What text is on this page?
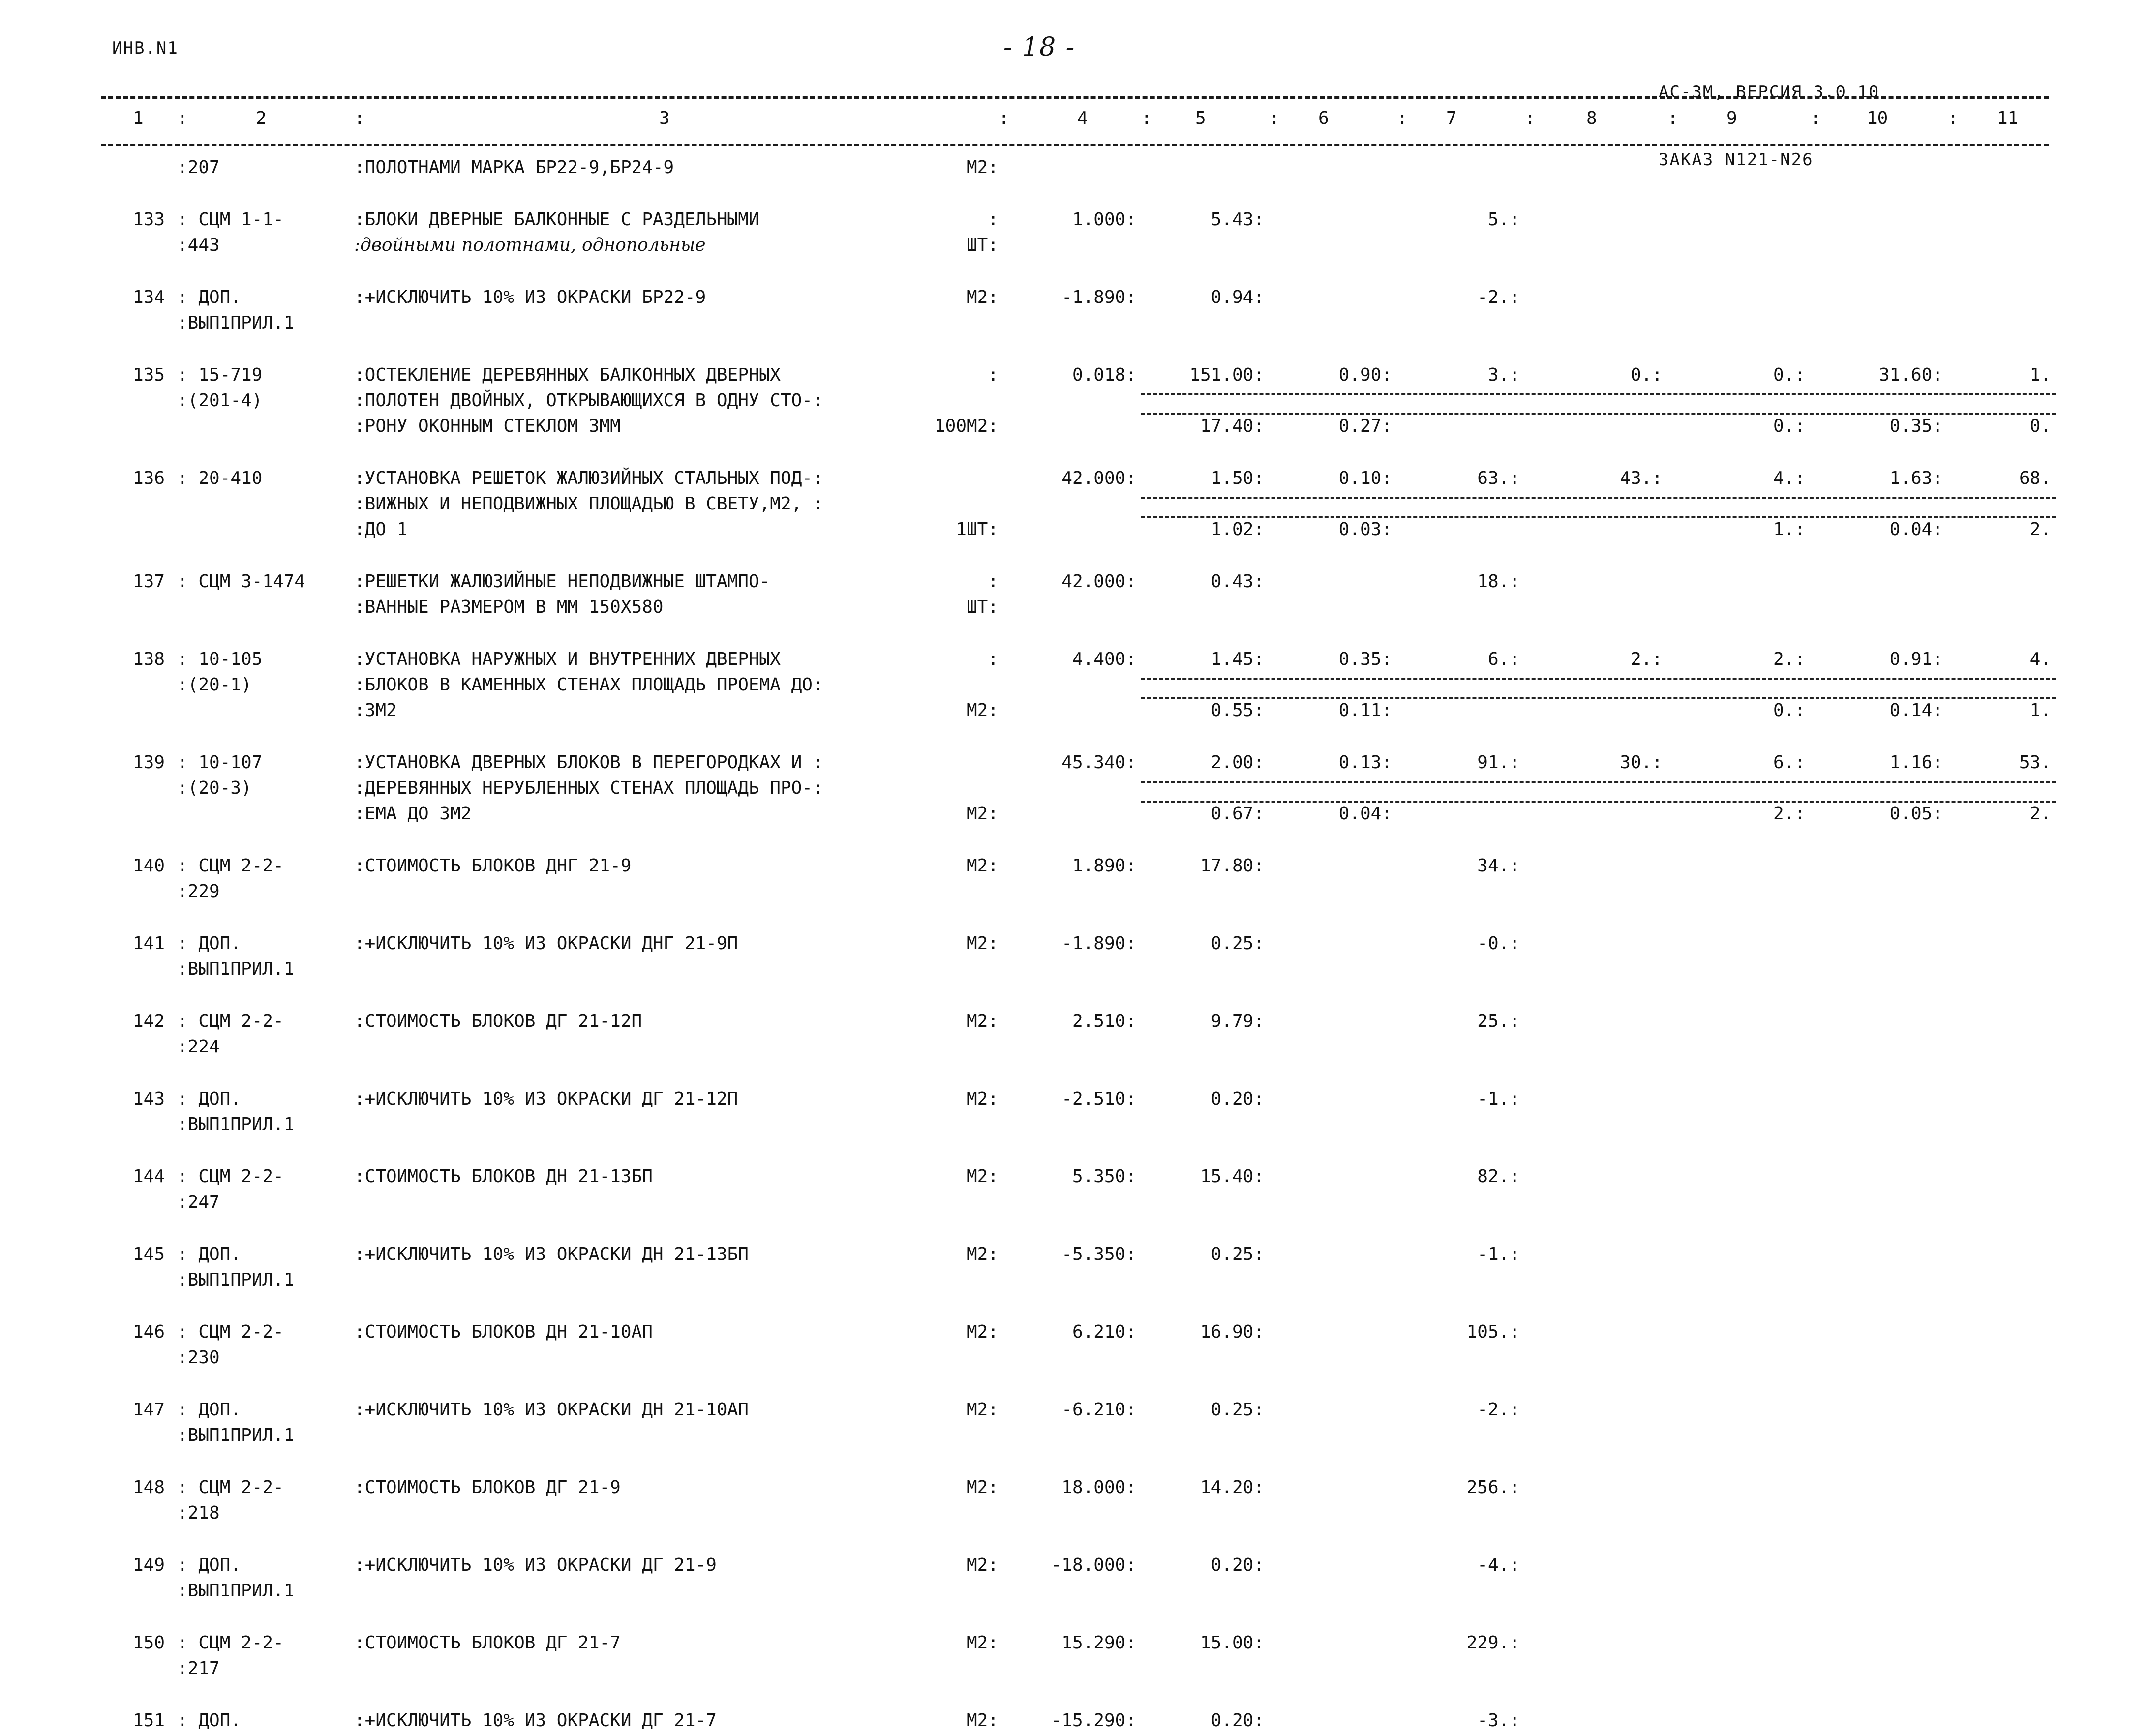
ИНВ.N1	- 18 -

АС-3М, ВЕРСИЯ 3.0 10

ЗАКАЗ N121-N26

1	2	3	4	5	6	7	8	9	10	11
:	:	:	:	:	:	:	:	:	:
:207	:ПОЛОТНАМИ МАРКА БР22-9,БР24-9	М2:
133 : СЦМ 1-1-	:БЛОКИ ДВЕРНЫЕ БАЛКОННЫЕ С РАЗДЕЛЬНЫМИ	:	1.000:	5.43:	5.:
:443	:двойными полотнами, однопольные	ШТ:
134 : ДОП.	:+ИСКЛЮЧИТЬ 10% ИЗ ОКРАСКИ БР22-9	М2:	-1.890:	0.94:	-2.:
:ВЫП1ПРИЛ.1
135 : 15-719	:ОСТЕКЛЕНИЕ ДЕРЕВЯННЫХ БАЛКОННЫХ ДВЕРНЫХ	:	0.018:	151.00:	0.90:	3.:	0.:	0.:	31.60:	1.
:(201-4)	:ПОЛОТЕН ДВОЙНЫХ, ОТКРЫВАЮЩИХСЯ В ОДНУ СТО-:
:РОНУ ОКОННЫМ СТЕКЛОМ 3ММ	100М2:	17.40:	0.27:	0.:	0.35:	0.
136 : 20-410	:УСТАНОВКА РЕШЕТОК ЖАЛЮЗИЙНЫХ СТАЛЬНЫХ ПОД-:	42.000:	1.50:	0.10:	63.:	43.:	4.:	1.63:	68.
:ВИЖНЫХ И НЕПОДВИЖНЫХ ПЛОЩАДЬЮ В СВЕТУ,М2, :
:ДО 1	1ШТ:	1.02:	0.03:	1.:	0.04:	2.
137 : СЦМ 3-1474	:РЕШЕТКИ ЖАЛЮЗИЙНЫЕ НЕПОДВИЖНЫЕ ШТАМПО-	:	42.000:	0.43:	18.:
:ВАННЫЕ РАЗМЕРОМ В ММ 150Х580	ШТ:
138 : 10-105	:УСТАНОВКА НАРУЖНЫХ И ВНУТРЕННИХ ДВЕРНЫХ	:	4.400:	1.45:	0.35:	6.:	2.:	2.:	0.91:	4.
:(20-1)	:БЛОКОВ В КАМЕННЫХ СТЕНАХ ПЛОЩАДЬ ПРОЕМА ДО:
:3М2	М2:	0.55:	0.11:	0.:	0.14:	1.
139 : 10-107	:УСТАНОВКА ДВЕРНЫХ БЛОКОВ В ПЕРЕГОРОДКАХ И :	45.340:	2.00:	0.13:	91.:	30.:	6.:	1.16:	53.
:(20-3)	:ДЕРЕВЯННЫХ НЕРУБЛЕННЫХ СТЕНАХ ПЛОЩАДЬ ПРО-:
:ЕМА ДО 3М2	М2:	0.67:	0.04:	2.:	0.05:	2.
140 : СЦМ 2-2-	:СТОИМОСТЬ БЛОКОВ ДНГ 21-9	М2:	1.890:	17.80:	34.:
:229
141 : ДОП.	:+ИСКЛЮЧИТЬ 10% ИЗ ОКРАСКИ ДНГ 21-9П	М2:	-1.890:	0.25:	-0.:
:ВЫП1ПРИЛ.1
142 : СЦМ 2-2-	:СТОИМОСТЬ БЛОКОВ ДГ 21-12П	М2:	2.510:	9.79:	25.:
:224
143 : ДОП.	:+ИСКЛЮЧИТЬ 10% ИЗ ОКРАСКИ ДГ 21-12П	М2:	-2.510:	0.20:	-1.:
:ВЫП1ПРИЛ.1
144 : СЦМ 2-2-	:СТОИМОСТЬ БЛОКОВ ДН 21-13БП	М2:	5.350:	15.40:	82.:
:247
145 : ДОП.	:+ИСКЛЮЧИТЬ 10% ИЗ ОКРАСКИ ДН 21-13БП	М2:	-5.350:	0.25:	-1.:
:ВЫП1ПРИЛ.1
146 : СЦМ 2-2-	:СТОИМОСТЬ БЛОКОВ ДН 21-10АП	М2:	6.210:	16.90:	105.:
:230
147 : ДОП.	:+ИСКЛЮЧИТЬ 10% ИЗ ОКРАСКИ ДН 21-10АП	М2:	-6.210:	0.25:	-2.:
:ВЫП1ПРИЛ.1
148 : СЦМ 2-2-	:СТОИМОСТЬ БЛОКОВ ДГ 21-9	М2:	18.000:	14.20:	256.:
:218
149 : ДОП.	:+ИСКЛЮЧИТЬ 10% ИЗ ОКРАСКИ ДГ 21-9	М2:	-18.000:	0.20:	-4.:
:ВЫП1ПРИЛ.1
150 : СЦМ 2-2-	:СТОИМОСТЬ БЛОКОВ ДГ 21-7	М2:	15.290:	15.00:	229.:
:217
151 : ДОП.	:+ИСКЛЮЧИТЬ 10% ИЗ ОКРАСКИ ДГ 21-7	М2:	-15.290:	0.20:	-3.:
